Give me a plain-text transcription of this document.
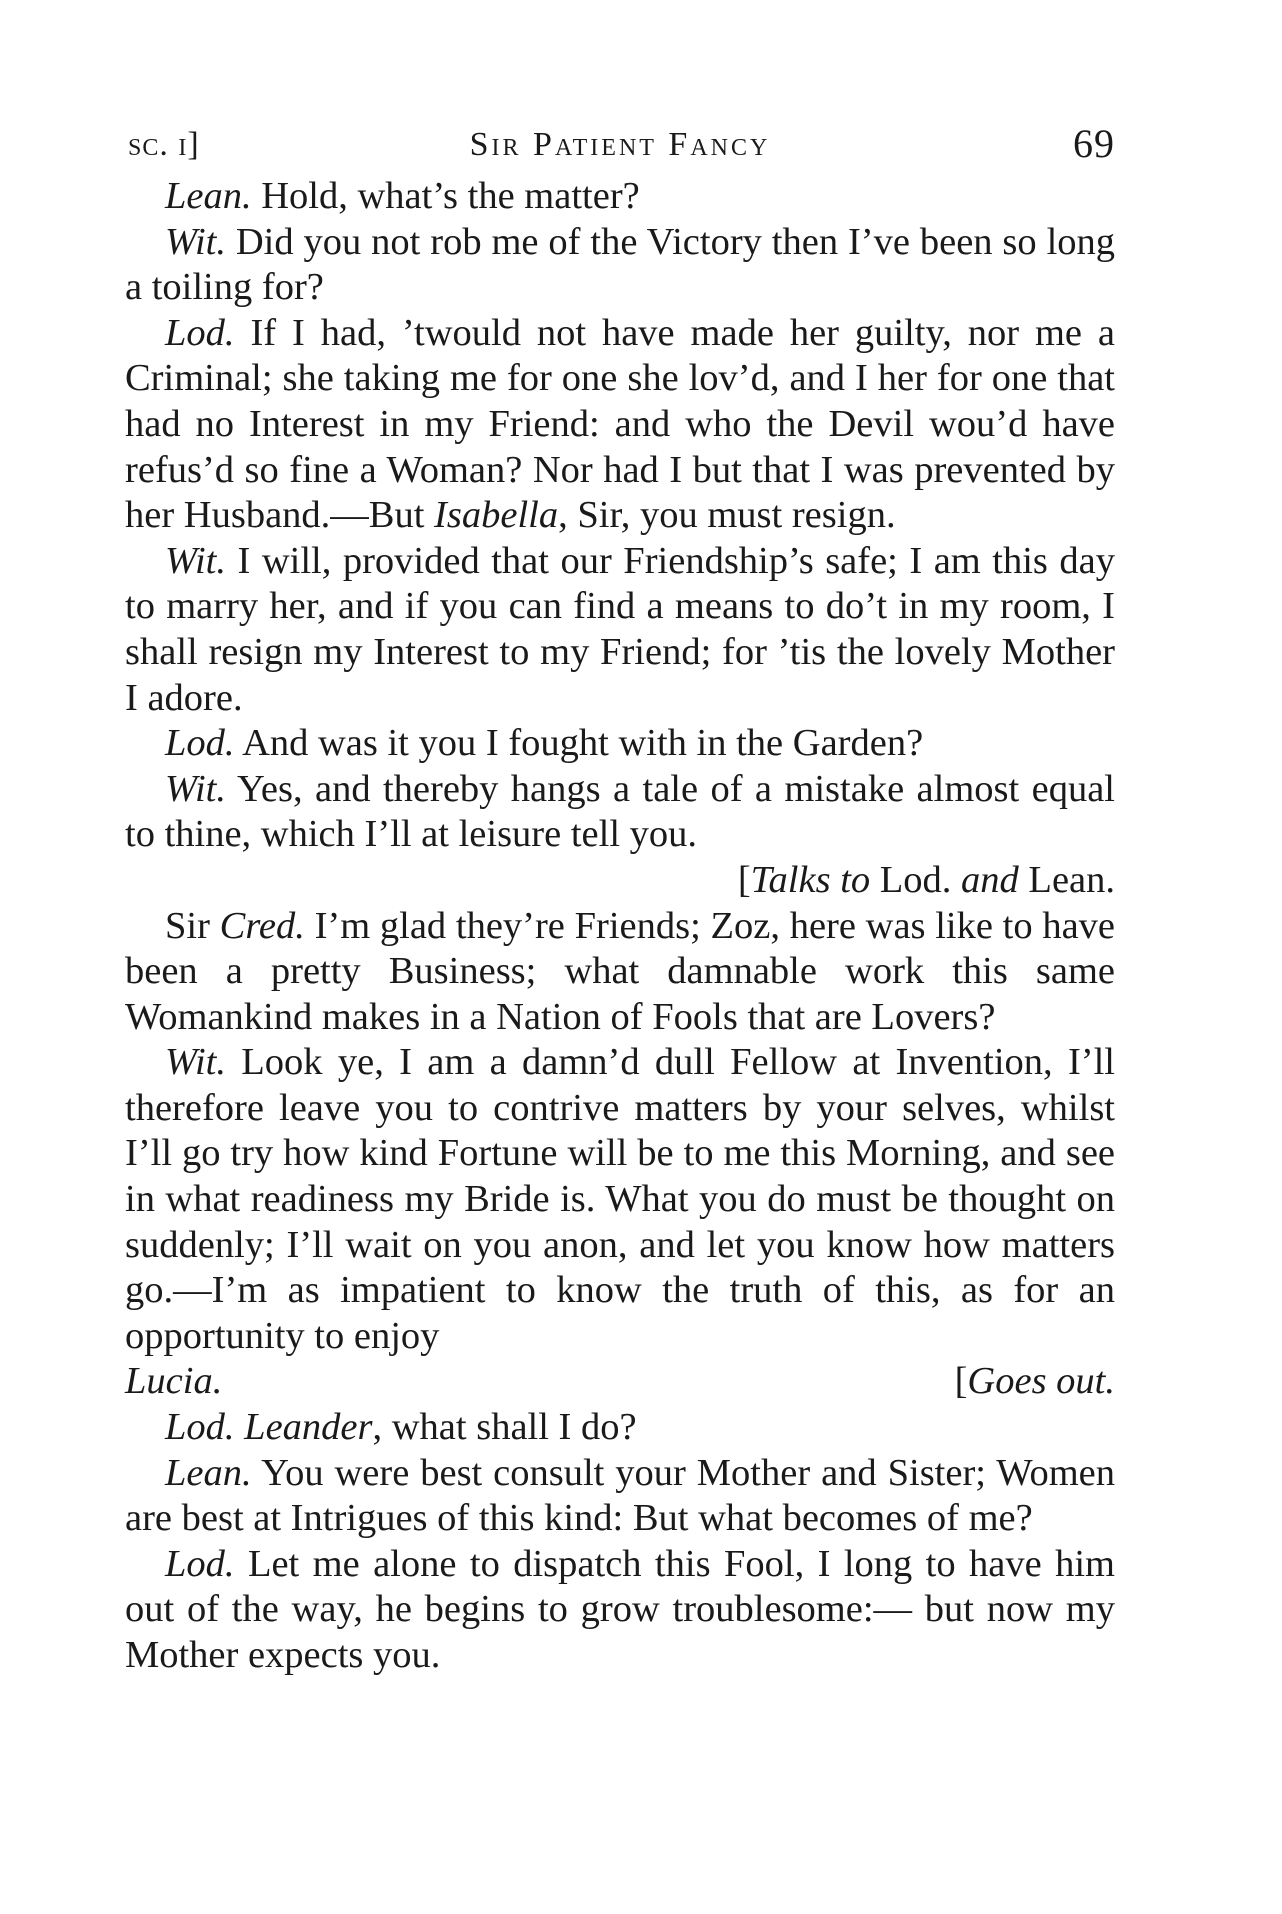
sc. i]	Sir Patient Fancy	69

Lean. Hold, what’s the matter?

Wit. Did you not rob me of the Victory then I’ve been so long a toiling for?

Lod. If I had, ’twould not have made her guilty, nor me a Criminal; she taking me for one she lov’d, and I her for one that had no Interest in my Friend: and who the Devil wou’d have refus’d so fine a Woman? Nor had I but that I was prevented by her Husband.—But Isabella, Sir, you must resign.

Wit. I will, provided that our Friendship’s safe; I am this day to marry her, and if you can find a means to do’t in my room, I shall resign my Interest to my Friend; for ’tis the lovely Mother I adore.

Lod. And was it you I fought with in the Garden?

Wit. Yes, and thereby hangs a tale of a mistake almost equal to thine, which I’ll at leisure tell you.

[Talks to Lod. and Lean.

Sir Cred. I’m glad they’re Friends; Zoz, here was like to have been a pretty Business; what damnable work this same Womankind makes in a Nation of Fools that are Lovers?

Wit. Look ye, I am a damn’d dull Fellow at Invention, I’ll therefore leave you to contrive matters by your selves, whilst I’ll go try how kind Fortune will be to me this Morning, and see in what readiness my Bride is. What you do must be thought on suddenly; I’ll wait on you anon, and let you know how matters go.—I’m as impatient to know the truth of this, as for an opportunity to enjoy

Lucia.	[Goes out.

Lod. Leander, what shall I do?

Lean. You were best consult your Mother and Sister; Women are best at Intrigues of this kind: But what becomes of me?

Lod. Let me alone to dispatch this Fool, I long to have him out of the way, he begins to grow troublesome:— but now my Mother expects you.
